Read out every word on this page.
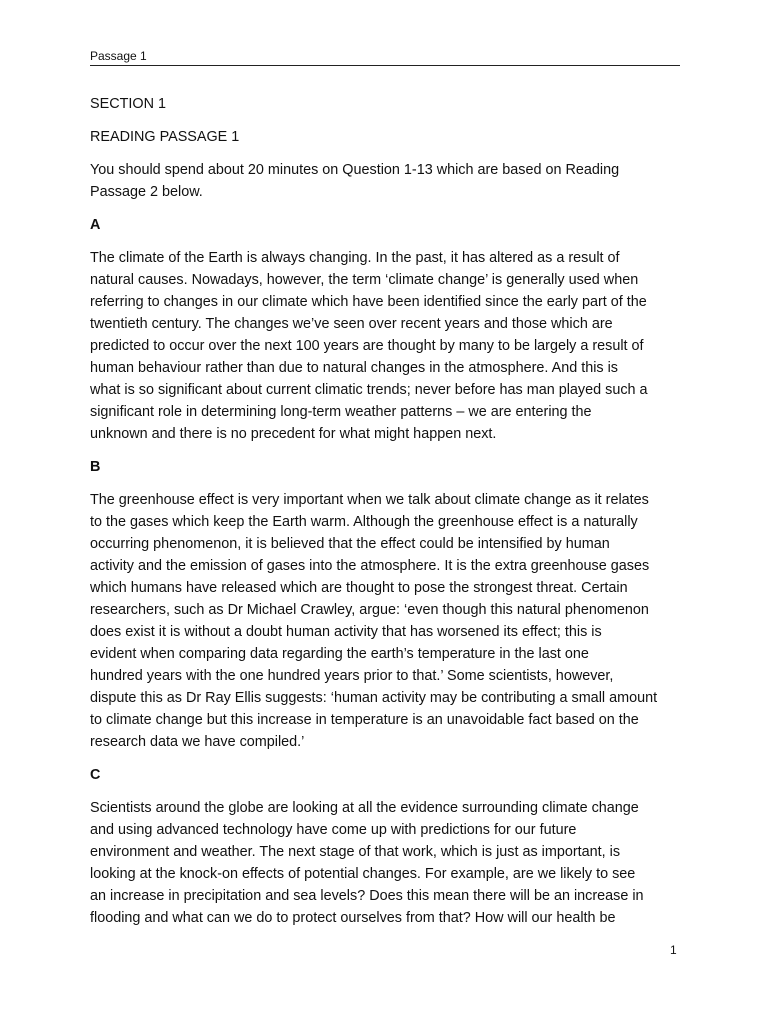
Passage 1

SECTION 1

READING PASSAGE 1

You should spend about 20 minutes on Question 1-13 which are based on Reading
Passage 2 below.

A

The climate of the Earth is always changing. In the past, it has altered as a result of
natural causes. Nowadays, however, the term ‘climate change’ is generally used when
referring to changes in our climate which have been identified since the early part of the
twentieth century. The changes we’ve seen over recent years and those which are
predicted to occur over the next 100 years are thought by many to be largely a result of
human behaviour rather than due to natural changes in the atmosphere. And this is
what is so significant about current climatic trends; never before has man played such a
significant role in determining long-term weather patterns – we are entering the
unknown and there is no precedent for what might happen next.

B

The greenhouse effect is very important when we talk about climate change as it relates
to the gases which keep the Earth warm. Although the greenhouse effect is a naturally
occurring phenomenon, it is believed that the effect could be intensified by human
activity and the emission of gases into the atmosphere. It is the extra greenhouse gases
which humans have released which are thought to pose the strongest threat. Certain
researchers, such as Dr Michael Crawley, argue: ‘even though this natural phenomenon
does exist it is without a doubt human activity that has worsened its effect; this is
evident when comparing data regarding the earth’s temperature in the last one
hundred years with the one hundred years prior to that.’ Some scientists, however,
dispute this as Dr Ray Ellis suggests: ‘human activity may be contributing a small amount
to climate change but this increase in temperature is an unavoidable fact based on the
research data we have compiled.’

C

Scientists around the globe are looking at all the evidence surrounding climate change
and using advanced technology have come up with predictions for our future
environment and weather. The next stage of that work, which is just as important, is
looking at the knock-on effects of potential changes. For example, are we likely to see
an increase in precipitation and sea levels? Does this mean there will be an increase in
flooding and what can we do to protect ourselves from that? How will our health be

1
